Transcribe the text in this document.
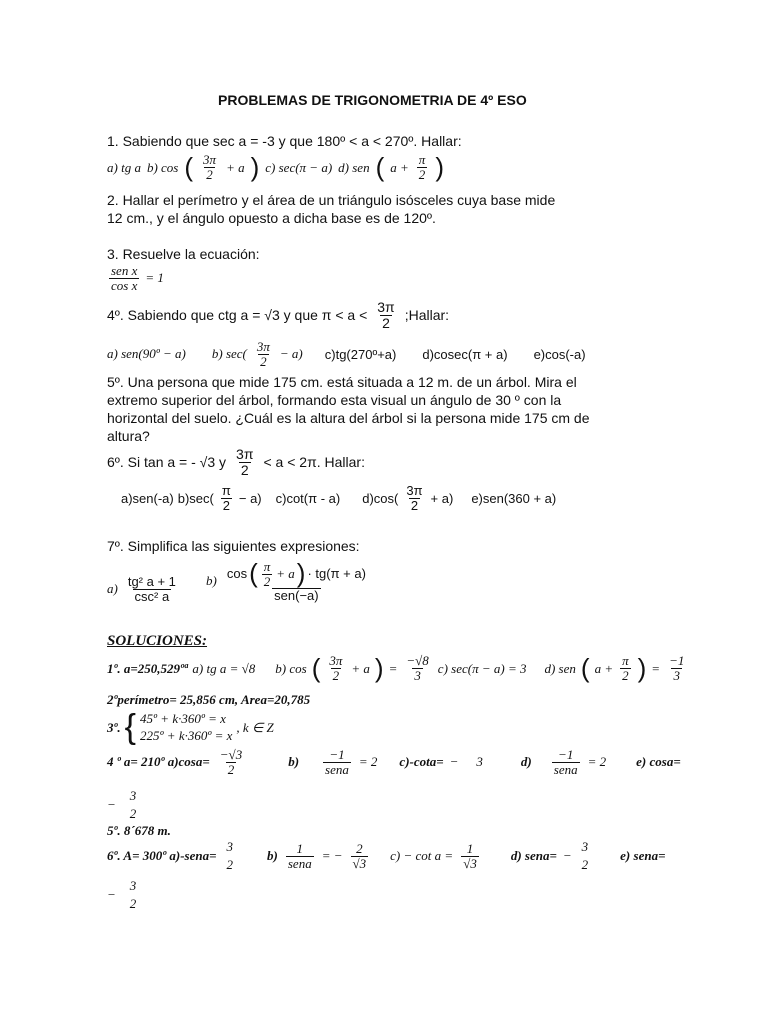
PROBLEMAS DE TRIGONOMETRIA DE 4º ESO
1. Sabiendo que sec a = -3 y que 180º < a < 270º. Hallar:
a) tg a b) cos ( $\frac{3\pi}{2} + a$ ) c) sec(π − a) d) sen ( $a + \frac{\pi}{2}$ )
2. Hallar el perímetro y el área de un triángulo isósceles cuya base mide
12 cm., y el ángulo opuesto a dicha base es de 120º.
3. Resuelve la ecuación:
$\frac{\text{sen x}}{\text{cos x}} = 1$
4º. Sabiendo que ctg a = √3 y que $\pi < a < \frac{3\pi}{2}$ ;Hallar:
a) sen(90º − a) b) $\sec( \frac{3\pi}{2} - a)$ c)tg(270º+a) d)cosec(π + a) e)cos(-a)
5º. Una persona que mide 175 cm. está situada a 12 m. de un árbol. Mira el
extremo superior del árbol, formando esta visual un ángulo de 30 º con la
horizontal del suelo. ¿Cuál es la altura del árbol si la persona mide 175 cm de
altura?
6º. Si tan a = - √3 y $\frac{3\pi}{2} < a < 2\pi$. Hallar:
a)sen(-a) $b)\sec( \frac{\pi}{2} - a)$ c)cot(π - a) $d)\cos( \frac{3\pi}{2} + a)$ e)sen(360 + a)
7º. Simplifica las siguientes expresiones:
$a) \frac{\text{tg² a + 1}}{\text{csc² a}} b$) cos ( $\frac{\pi}{2} + a$ ) · tg(π + a)
sen(−a)
SOLUCIONES:
1º. a=250,529ºª a) tg a = √8 b) cos ( $\frac{3\pi}{2} + a$ ) = $\frac{-√8}{3} c$) sec(π − a) = 3 d) sen ( $a + \frac{\pi}{2}$ ) = $\frac{-1}{3}$
2ºperímetro= 25,856 cm, Area=20,785
3º. { 45º + k·360º = x
225º + k·360º = x
, k ∈ Z
4 º a= 210º $a)\cos a= \frac{-√3}{2}$	$b) \frac{-1}{\text{sena}} = 2$ c)-cota= − 3	$d) \frac{-1}{\text{sena}} = 2$ e) cosa=
−
3
2
5º. 8´678 m.
6º. A= 300º a)-sena=
3
2
$b) \frac{1}{\text{sena}}$ = − $\frac{2}{√3} c) - \cot a = \frac{1}{√3} d$) sena= −
3
2
e) sena=
−
3
2
